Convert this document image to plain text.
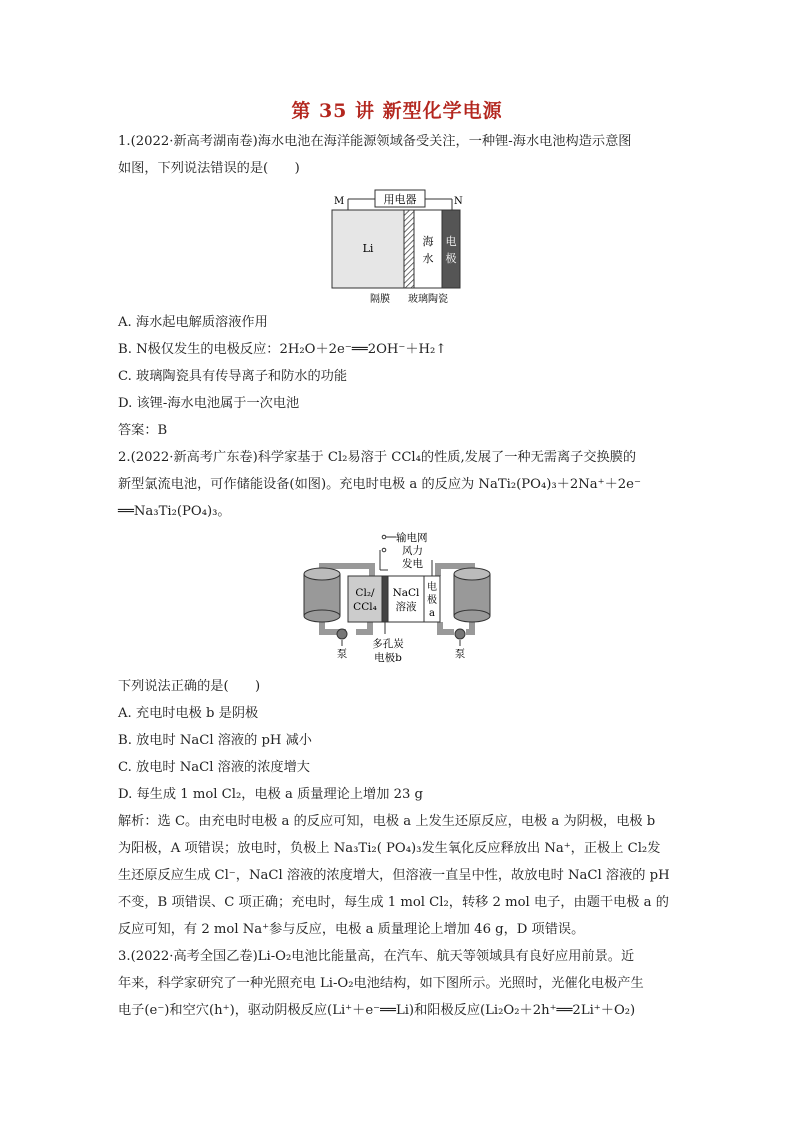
第 35 讲 新型化学电源
1.(2022·新高考湖南卷)海水电池在海洋能源领域备受关注，一种锂-海水电池构造示意图
如图，下列说法错误的是(　　)
用电器
M	N
Li
海
水
电
极
隔膜 玻璃陶瓷
A. 海水起电解质溶液作用
B. N极仅发生的电极反应：2H₂O＋2e⁻══2OH⁻＋H₂↑
C. 玻璃陶瓷具有传导离子和防水的功能
D. 该锂-海水电池属于一次电池
答案：B
2.(2022·新高考广东卷)科学家基于 Cl₂易溶于 CCl₄的性质,发展了一种无需离子交换膜的
新型氯流电池，可作储能设备(如图)。充电时电极 a 的反应为 NaTi₂(PO₄)₃＋2Na⁺＋2e⁻
══Na₃Ti₂(PO₄)₃。
输电网
风力
发电
Cl₂/
CCl₄
NaCl
溶液
电
极
a
泵	泵
多孔炭
电极b
下列说法正确的是(　　)
A. 充电时电极 b 是阴极
B. 放电时 NaCl 溶液的 pH 减小
C. 放电时 NaCl 溶液的浓度增大
D. 每生成 1 mol Cl₂，电极 a 质量理论上增加 23 g
解析：选 C。由充电时电极 a 的反应可知，电极 a 上发生还原反应，电极 a 为阴极，电极 b
为阳极，A 项错误；放电时，负极上 Na₃Ti₂( PO₄)₃发生氧化反应释放出 Na⁺，正极上 Cl₂发
生还原反应生成 Cl⁻，NaCl 溶液的浓度增大，但溶液一直呈中性，故放电时 NaCl 溶液的 pH
不变，B 项错误、C 项正确；充电时，每生成 1 mol Cl₂，转移 2 mol 电子，由题干电极 a 的
反应可知，有 2 mol Na⁺参与反应，电极 a 质量理论上增加 46 g，D 项错误。
3.(2022·高考全国乙卷)Li-O₂电池比能量高，在汽车、航天等领域具有良好应用前景。近
年来，科学家研究了一种光照充电 Li-O₂电池结构，如下图所示。光照时，光催化电极产生
电子(e⁻)和空穴(h⁺)，驱动阴极反应(Li⁺＋e⁻══Li)和阳极反应(Li₂O₂＋2h⁺══2Li⁺＋O₂)
